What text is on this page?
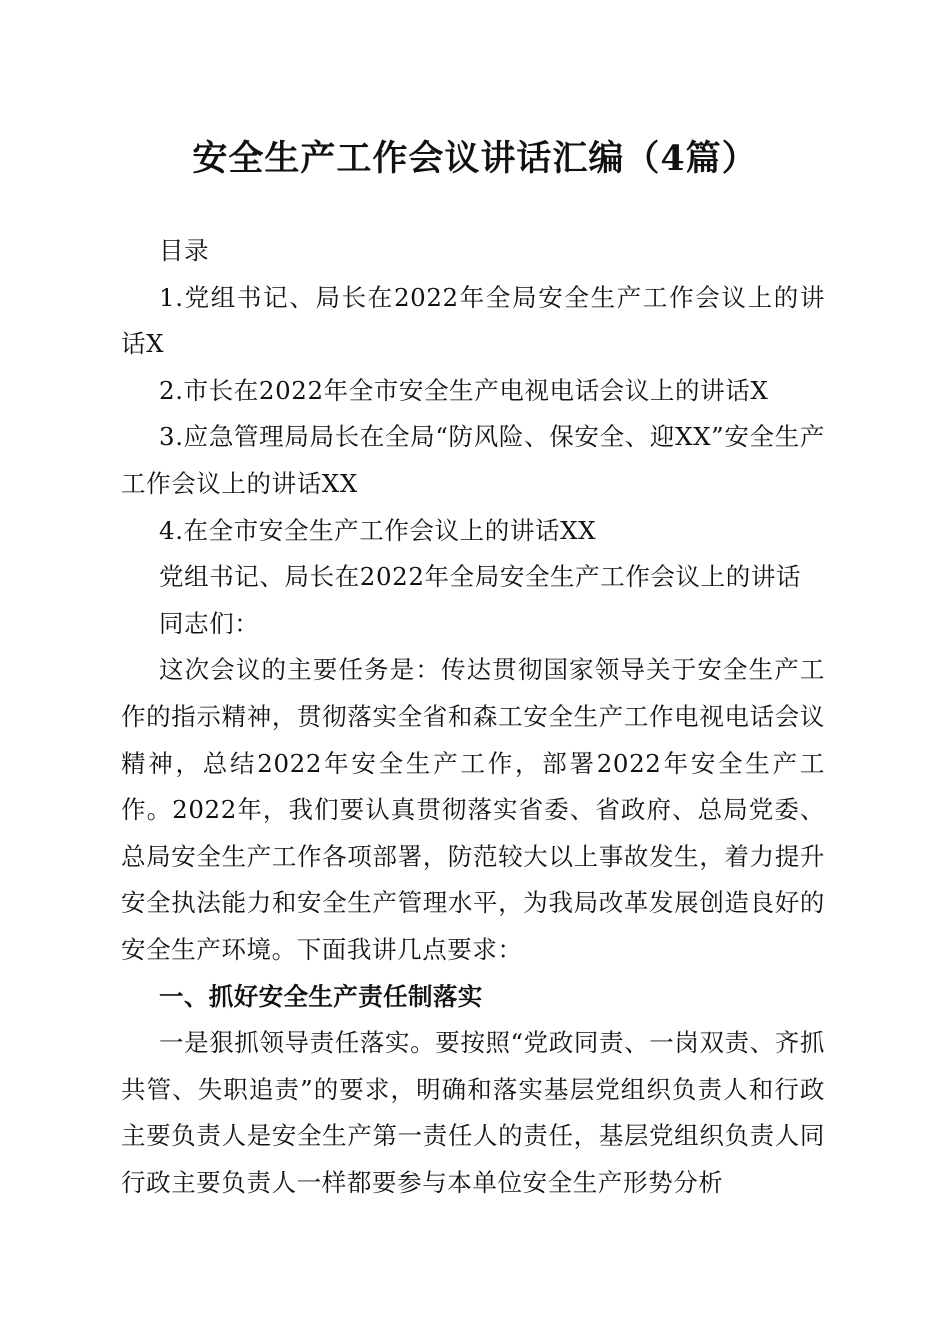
安全生产工作会议讲话汇编（4篇）

目录

1.党组书记、局长在2022年全局安全生产工作会议上的讲话X

2.市长在2022年全市安全生产电视电话会议上的讲话X

3.应急管理局局长在全局“防风险、保安全、迎XX”安全生产工作会议上的讲话XX

4.在全市安全生产工作会议上的讲话XX

党组书记、局长在2022年全局安全生产工作会议上的讲话

同志们：

这次会议的主要任务是：传达贯彻国家领导关于安全生产工作的指示精神，贯彻落实全省和森工安全生产工作电视电话会议精神，总结2022年安全生产工作，部署2022年安全生产工作。2022年，我们要认真贯彻落实省委、省政府、总局党委、总局安全生产工作各项部署，防范较大以上事故发生，着力提升安全执法能力和安全生产管理水平，为我局改革发展创造良好的安全生产环境。下面我讲几点要求：

一、抓好安全生产责任制落实

一是狠抓领导责任落实。要按照“党政同责、一岗双责、齐抓共管、失职追责”的要求，明确和落实基层党组织负责人和行政主要负责人是安全生产第一责任人的责任，基层党组织负责人同行政主要负责人一样都要参与本单位安全生产形势分析
